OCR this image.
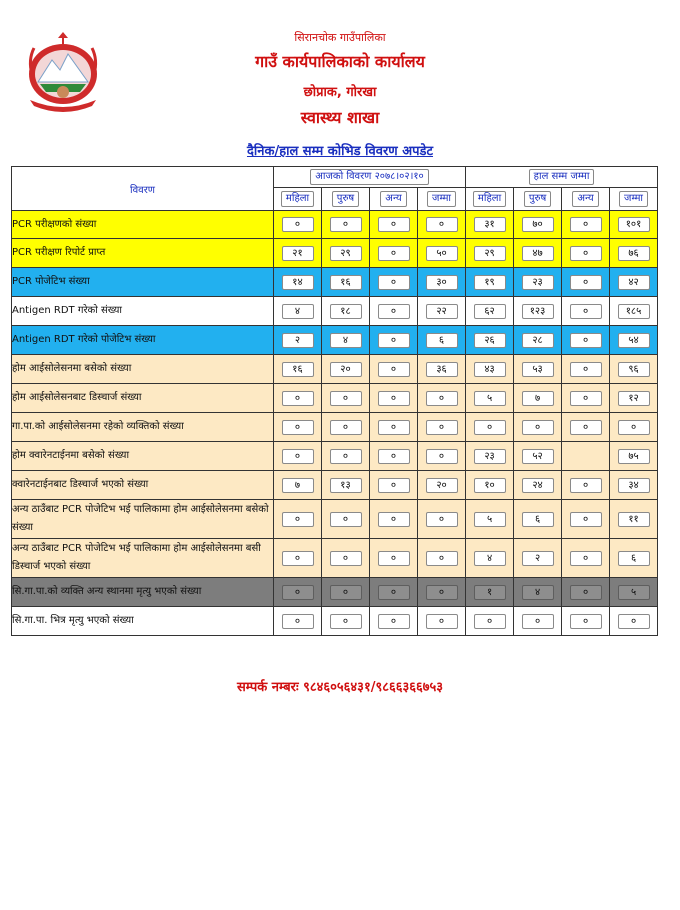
सिरानचोक गाउँपालिका
गाउँ कार्यपालिकाको कार्यालय
छोप्राक, गोरखा
स्वास्थ्य शाखा
दैनिक/हाल सम्म कोभिड विवरण अपडेट
विवरण	आजको विवरण २०७८।०२।१०				हाल सम्म जम्मा			
	महिला	पुरुष	अन्य	जम्मा	महिला	पुरुष	अन्य	जम्मा
PCR परीक्षणको संख्या	०	०	०	०	३१	७०	०	१०१
PCR परीक्षण रिपोर्ट प्राप्त	२१	२९	०	५०	२९	४७	०	७६
PCR पोजेटिभ संख्या	१४	१६	०	३०	१९	२३	०	४२
Antigen RDT गरेको संख्या	४	१८	०	२२	६२	१२३	०	१८५
Antigen RDT गरेको पोजेटिभ संख्या	२	४	०	६	२६	२८	०	५४
होम आईसोलेसनमा बसेको संख्या	१६	२०	०	३६	४३	५३	०	९६
होम आईसोलेसनबाट डिस्चार्ज संख्या	०	०	०	०	५	७	०	१२
गा.पा.को आईसोलेसनमा रहेको व्यक्तिको संख्या	०	०	०	०	०	०	०	०
होम क्वारेनटाईनमा बसेको संख्या	०	०	०	०	२३	५२		७५
क्वारेनटाईनबाट डिस्चार्ज भएको संख्या	७	१३	०	२०	१०	२४	०	३४
अन्य ठाउँबाट PCR पोजेटिभ भई पालिकामा होम आईसोलेसनमा बसेको संख्या	०	०	०	०	५	६	०	११
अन्य ठाउँबाट PCR पोजेटिभ भई पालिकामा होम आईसोलेसनमा बसी डिस्चार्ज भएको संख्या	०	०	०	०	४	२	०	६
सि.गा.पा.को व्यक्ति अन्य स्थानमा मृत्यु भएको संख्या	०	०	०	०	१	४	०	५
सि.गा.पा. भित्र मृत्यु भएको संख्या	०	०	०	०	०	०	०	०
सम्पर्क नम्बरः ९८४६०५६४३१/९८६६३६६७५३
